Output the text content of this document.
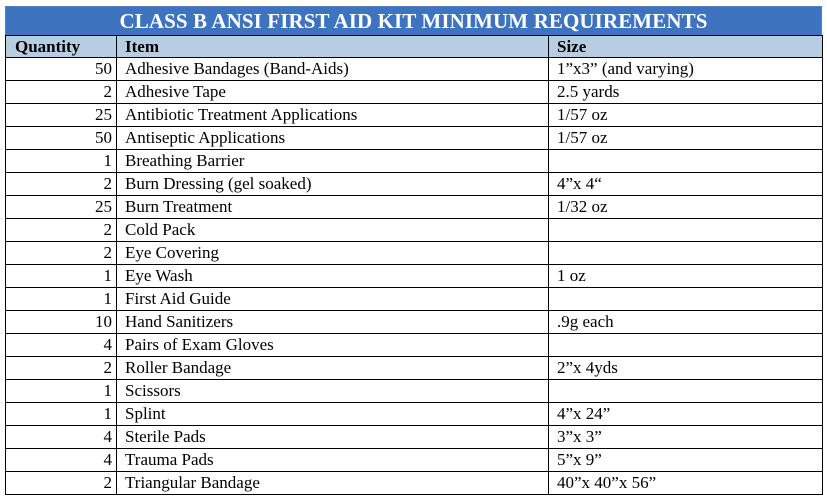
CLASS B ANSI FIRST AID KIT MINIMUM REQUIREMENTS
Quantity	Item	Size
50	Adhesive Bandages (Band-Aids)	1”x3” (and varying)
2	Adhesive Tape	2.5 yards
25	Antibiotic Treatment Applications	1/57 oz
50	Antiseptic Applications	1/57 oz
1	Breathing Barrier	
2	Burn Dressing (gel soaked)	4”x 4“
25	Burn Treatment	1/32 oz
2	Cold Pack	
2	Eye Covering	
1	Eye Wash	1 oz
1	First Aid Guide	
10	Hand Sanitizers	.9g each
4	Pairs of Exam Gloves	
2	Roller Bandage	2”x 4yds
1	Scissors	
1	Splint	4”x 24”
4	Sterile Pads	3”x 3”
4	Trauma Pads	5”x 9”
2	Triangular Bandage	40”x 40”x 56”
